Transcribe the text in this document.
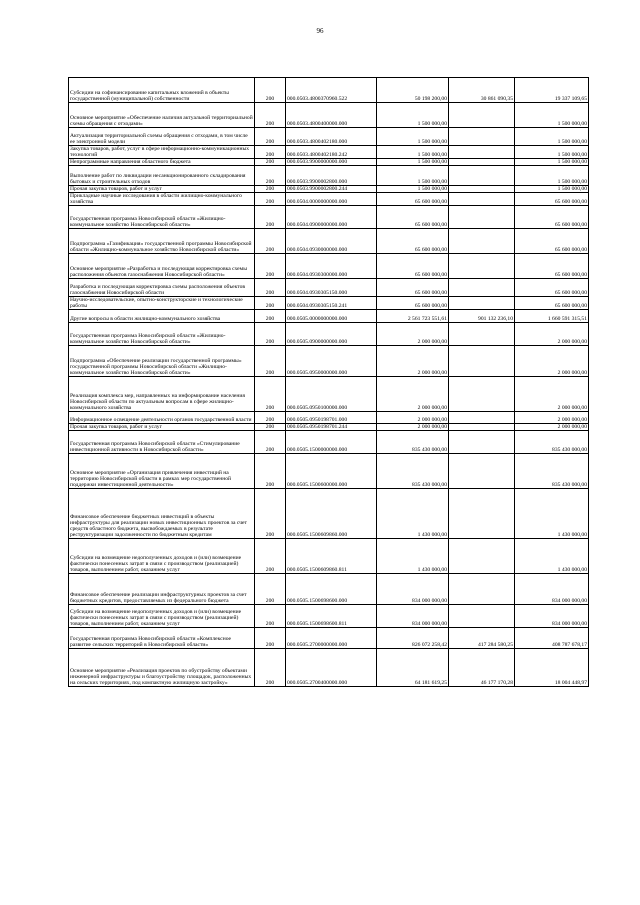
96
Субсидии на софинансирование капитальных вложений в объекты государственной (муниципальной) собственности	200	000.0503.4800370960.522	50 198 200,00	30 861 090,35	19 337 109,65
Основное мероприятие «Обеспечение наличия актуальной территориальной схемы обращения с отходами»	200	000.0503.4800400000.000	1 500 000,00		1 500 000,00
Актуализация территориальной схемы обращения с отходами, в том числе ее электронной модели	200	000.0503.4800402180.000	1 500 000,00		1 500 000,00
Закупка товаров, работ, услуг в сфере информационно-коммуникационных технологий	200	000.0503.4800402180.242	1 500 000,00		1 500 000,00
Непрограммные направления областного бюджета	200	000.0503.9900000000.000	1 500 000,00		1 500 000,00
Выполнение работ по ликвидации несанкционированного складирования бытовых и строительных отходов	200	000.0503.9900002800.000	1 500 000,00		1 500 000,00
Прочая закупка товаров, работ и услуг	200	000.0503.9900002800.244	1 500 000,00		1 500 000,00
Прикладные научные исследования в области жилищно-коммунального хозяйства	200	000.0504.0000000000.000	65 600 000,00		65 600 000,00
Государственная программа Новосибирской области «Жилищно-коммунальное хозяйство Новосибирской области»	200	000.0504.0900000000.000	65 600 000,00		65 600 000,00
Подпрограмма «Газификация» государственной программы Новосибирской области «Жилищно-коммунальное хозяйство Новосибирской области»	200	000.0504.0930000000.000	65 600 000,00		65 600 000,00
Основное мероприятие «Разработка и последующая корректировка схемы расположения объектов газоснабжения Новосибирской области»	200	000.0504.0930300000.000	65 600 000,00		65 600 000,00
Разработка и последующая корректировка схемы расположения объектов газоснабжения Новосибирской области	200	000.0504.0930305150.000	65 600 000,00		65 600 000,00
Научно-исследовательские, опытно-конструкторские и технологические работы	200	000.0504.0930305150.241	65 600 000,00		65 600 000,00
Другие вопросы в области жилищно-коммунального хозяйства	200	000.0505.0000000000.000	2 561 723 551,61	901 132 236,10	1 660 591 315,51
Государственная программа Новосибирской области «Жилищно-коммунальное хозяйство Новосибирской области»	200	000.0505.0900000000.000	2 000 000,00		2 000 000,00
Подпрограмма «Обеспечение реализации государственной программы» государственной программы Новосибирской области «Жилищно-коммунальное хозяйство Новосибирской области»	200	000.0505.0950000000.000	2 000 000,00		2 000 000,00
Реализация комплекса мер, направленных на информирование населения Новосибирской области по актуальным вопросам в сфере жилищно-коммунального хозяйства	200	000.0505.0950100000.000	2 000 000,00		2 000 000,00
Информационное освещение деятельности органов государственной власти	200	000.0505.0950198701.000	2 000 000,00		2 000 000,00
Прочая закупка товаров, работ и услуг	200	000.0505.0950198701.244	2 000 000,00		2 000 000,00
Государственная программа Новосибирской области «Стимулирование инвестиционной активности в Новосибирской области»	200	000.0505.1500000000.000	835 430 000,00		835 430 000,00
Основное мероприятие «Организация привлечения инвестиций на территорию Новосибирской области в рамках мер государственной поддержки инвестиционной деятельности»	200	000.0505.1500600000.000	835 430 000,00		835 430 000,00
Финансовое обеспечение бюджетных инвестиций в объекты инфраструктуры для реализации новых инвестиционных проектов за счет средств областного бюджета, высвобождаемых в результате реструктуризации задолженности по бюджетным кредитам	200	000.0505.1500609860.000	1 430 000,00		1 430 000,00
Субсидии на возмещение недополученных доходов и (или) возмещение фактически понесенных затрат в связи с производством (реализацией) товаров, выполнением работ, оказанием услуг	200	000.0505.1500609860.811	1 430 000,00		1 430 000,00
Финансовое обеспечение реализации инфраструктурных проектов за счет бюджетных кредитов, предоставляемых из федерального бюджета	200	000.0505.1500698600.000	834 000 000,00		834 000 000,00
Субсидии на возмещение недополученных доходов и (или) возмещение фактически понесенных затрат в связи с производством (реализацией) товаров, выполнением работ, оказанием услуг	200	000.0505.1500698600.811	834 000 000,00		834 000 000,00
Государственная программа Новосибирской области «Комплексное развитие сельских территорий в Новосибирской области»	200	000.0505.2700000000.000	826 072 258,42	417 284 580,25	408 787 678,17
Основное мероприятие «Реализация проектов по обустройству объектами инженерной инфраструктуры и благоустройству площадок, расположенных на сельских территориях, под компактную жилищную застройку»	200	000.0505.2700400000.000	64 181 619,25	46 177 170,28	18 004 448,97
